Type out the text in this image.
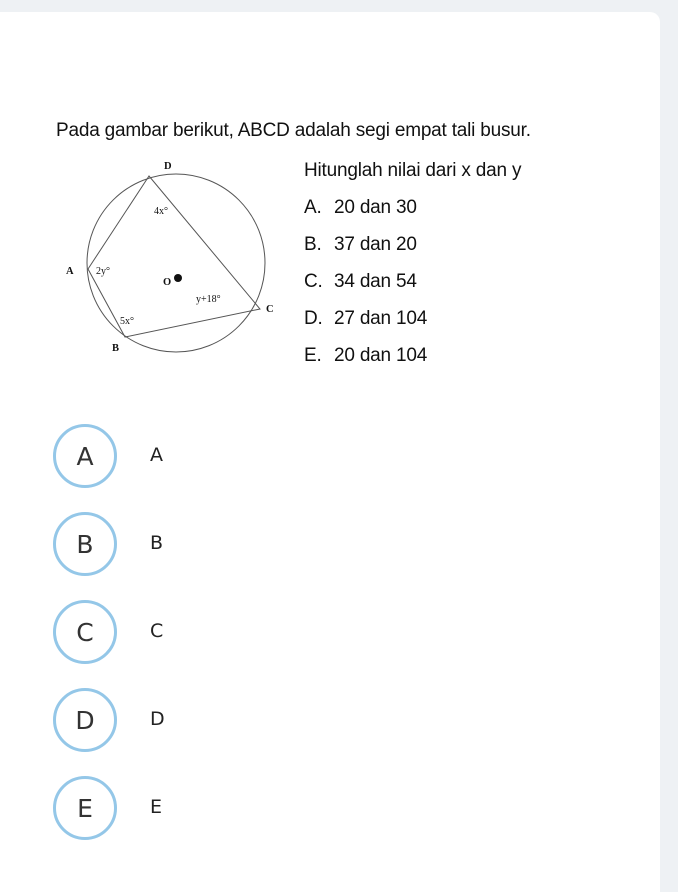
Pada gambar berikut, ABCD adalah segi empat tali busur.
D
A
B
C
O
4x°
2y°
5x°
y+18°
Hitunglah nilai dari x dan y
A. 20 dan 30
B. 37 dan 20
C. 34 dan 54
D. 27 dan 104
E. 20 dan 104
A	A
B	B
C	C
D	D
E	E
